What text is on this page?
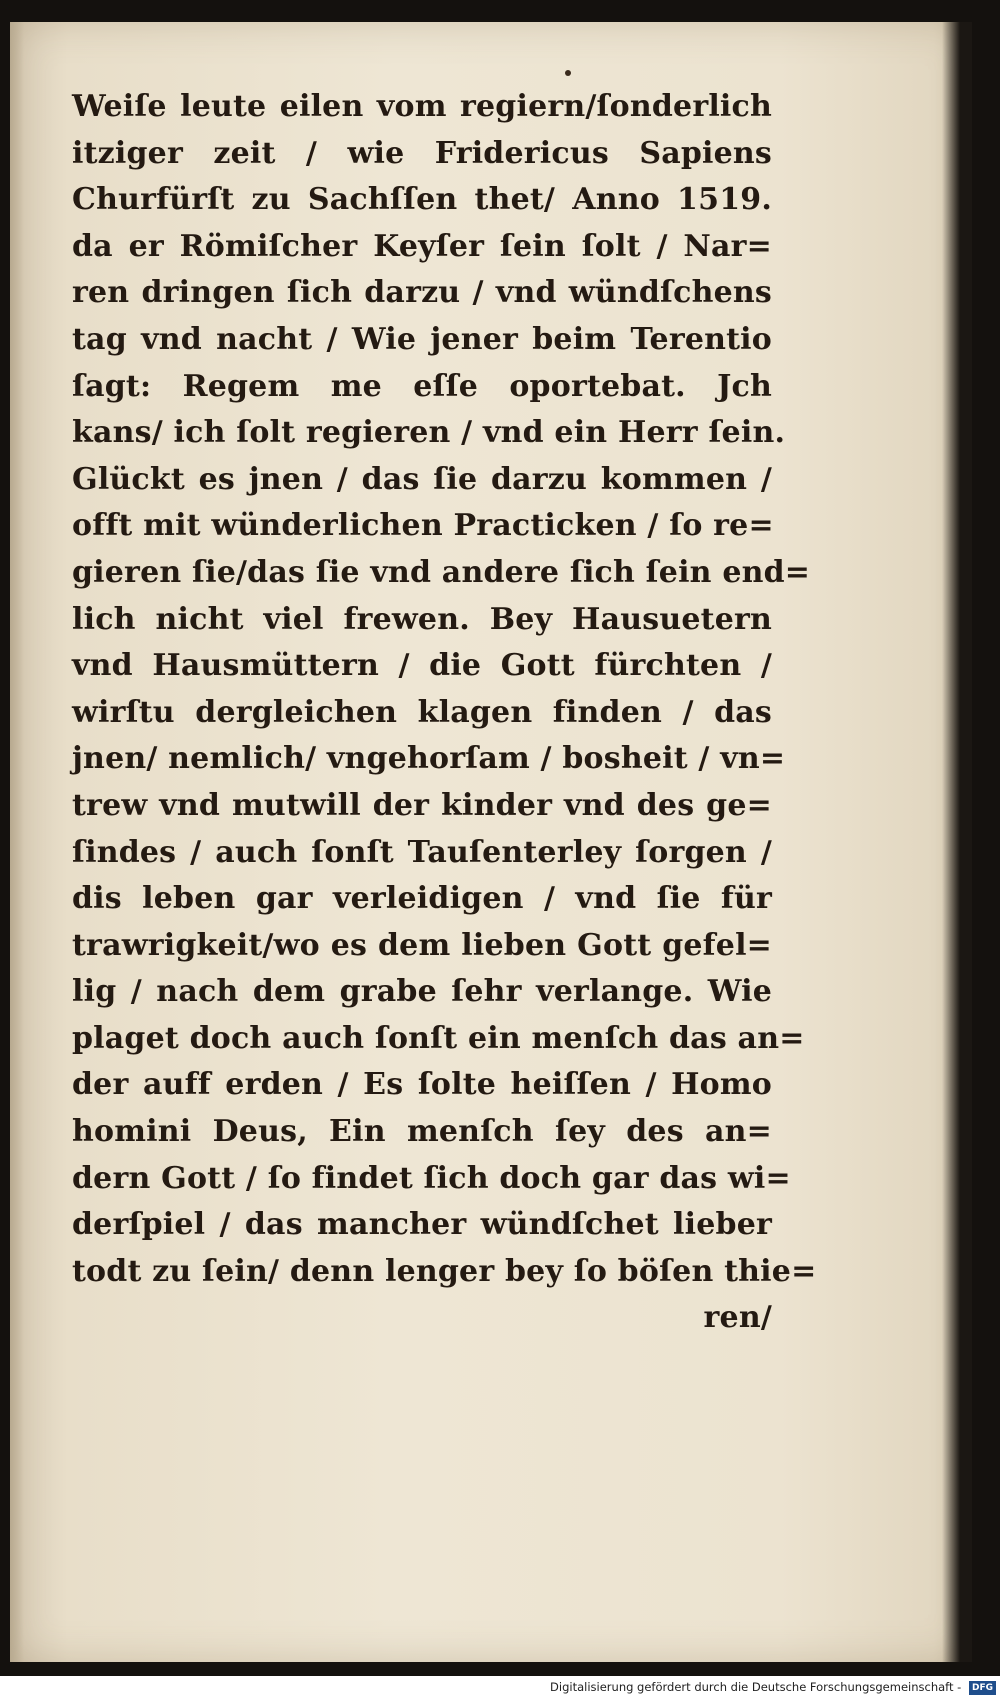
Weiſe leute eilen vom regiern/ſonderlich
itziger zeit / wie Fridericus Sapiens
Churfürſt zu Sachſſen thet/ Anno 1519.
da er Römiſcher Keyſer ſein ſolt / Nar=
ren dringen ſich darzu / vnd wündſchens
tag vnd nacht / Wie jener beim Terentio
ſagt: Regem me eſſe oportebat. Jch
kans/ ich ſolt regieren / vnd ein Herr ſein.
Glückt es jnen / das ſie darzu kommen /
offt mit wünderlichen Practicken / ſo re=
gieren ſie/das ſie vnd andere ſich ſein end=
lich nicht viel frewen. Bey Hausuetern
vnd Hausmüttern / die Gott fürchten /
wirſtu dergleichen klagen finden / das
jnen/ nemlich/ vngehorſam / bosheit / vn=
trew vnd mutwill der kinder vnd des ge=
ſindes / auch ſonſt Tauſenterley ſorgen /
dis leben gar verleidigen / vnd ſie für
trawrigkeit/wo es dem lieben Gott gefel=
lig / nach dem grabe ſehr verlange. Wie
plaget doch auch ſonſt ein menſch das an=
der auff erden / Es ſolte heiſſen / Homo
homini Deus, Ein menſch ſey des an=
dern Gott / ſo findet ſich doch gar das wi=
derſpiel / das mancher wündſchet lieber
todt zu ſein/ denn lenger bey ſo böſen thie=
ren/
Digitalisierung gefördert durch die Deutsche Forschungsgemeinschaft - DFG
